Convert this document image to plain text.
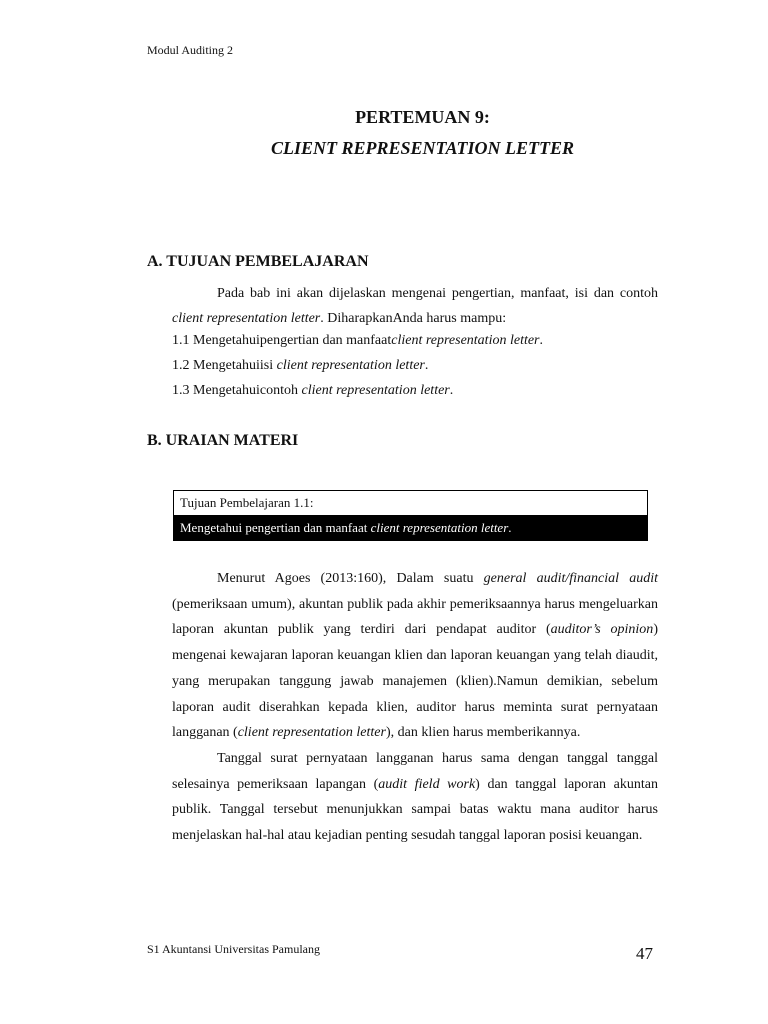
Modul Auditing 2
PERTEMUAN 9:
CLIENT REPRESENTATION LETTER
A. TUJUAN PEMBELAJARAN
Pada bab ini akan dijelaskan mengenai pengertian, manfaat, isi dan contoh client representation letter. DiharapkanAnda harus mampu:
1.1 Mengetahuipengertian dan manfaatclient representation letter.
1.2 Mengetahuiisi client representation letter.
1.3 Mengetahuicontoh client representation letter.
B. URAIAN MATERI
Tujuan Pembelajaran 1.1:
Mengetahui pengertian dan manfaat client representation letter.

Menurut Agoes (2013:160), Dalam suatu general audit/financial audit (pemeriksaan umum), akuntan publik pada akhir pemeriksaannya harus mengeluarkan laporan akuntan publik yang terdiri dari pendapat auditor (auditor’s opinion) mengenai kewajaran laporan keuangan klien dan laporan keuangan yang telah diaudit, yang merupakan tanggung jawab manajemen (klien).Namun demikian, sebelum laporan audit diserahkan kepada klien, auditor harus meminta surat pernyataan langganan (client representation letter), dan klien harus memberikannya.

Tanggal surat pernyataan langganan harus sama dengan tanggal tanggal selesainya pemeriksaan lapangan (audit field work) dan tanggal laporan akuntan publik. Tanggal tersebut menunjukkan sampai batas waktu mana auditor harus menjelaskan hal-hal atau kejadian penting sesudah tanggal laporan posisi keuangan.

S1 Akuntansi Universitas Pamulang	47
